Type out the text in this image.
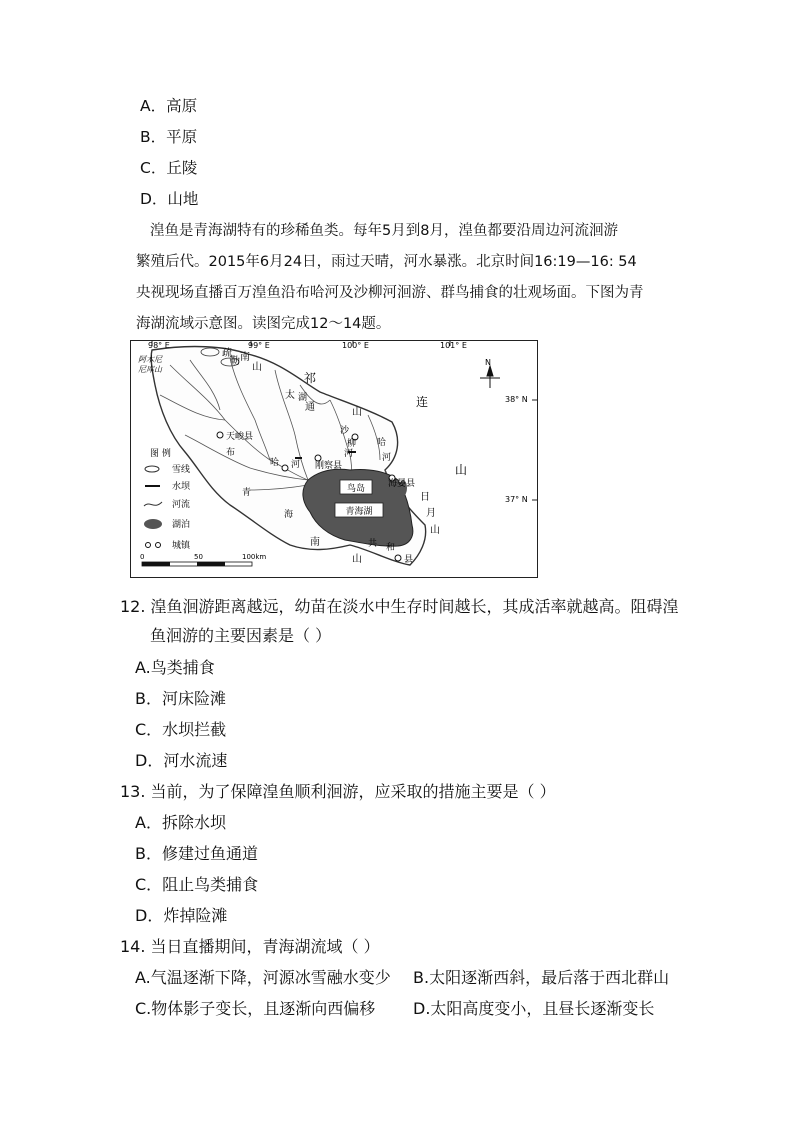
A．高原
B．平原
C．丘陵
D．山地
湟鱼是青海湖特有的珍稀鱼类。每年5月到8月，湟鱼都要沿周边河流洄游
繁殖后代。2015年6月24日，雨过天晴，河水暴涨。北京时间16:19—16: 54
央视现场直播百万湟鱼沿布哈河及沙柳河洄游、群鸟捕食的壮观场面。下图为青
海湖流域示意图。读图完成12～14题。
鸟岛
青海湖
98° E	99° E	100° E	101° E
38° N
37° N
N
疏
勒 南
山
祁
连
山
太
通	山
日
月
山
南
山
阿木尼尼库山
天峻县
刚察县
海晏县
共 和
县
沙
柳
河
布
哈 河
青
海
哈
河
湖
图 例
雪线
水坝
河流
湖泊
城镇
0	50	100km
12. 湟鱼洄游距离越远，幼苗在淡水中生存时间越长，其成活率就越高。阻碍湟
鱼洄游的主要因素是（ ）
A.鸟类捕食
B．河床险滩
C．水坝拦截
D．河水流速
13. 当前，为了保障湟鱼顺利洄游，应采取的措施主要是（ ）
A．拆除水坝
B．修建过鱼通道
C．阻止鸟类捕食
D．炸掉险滩
14. 当日直播期间，青海湖流域（ ）
A.气温逐渐下降，河源冰雪融水变少 B.太阳逐渐西斜，最后落于西北群山
C.物体影子变长，且逐渐向西偏移 D.太阳高度变小，且昼长逐渐变长
